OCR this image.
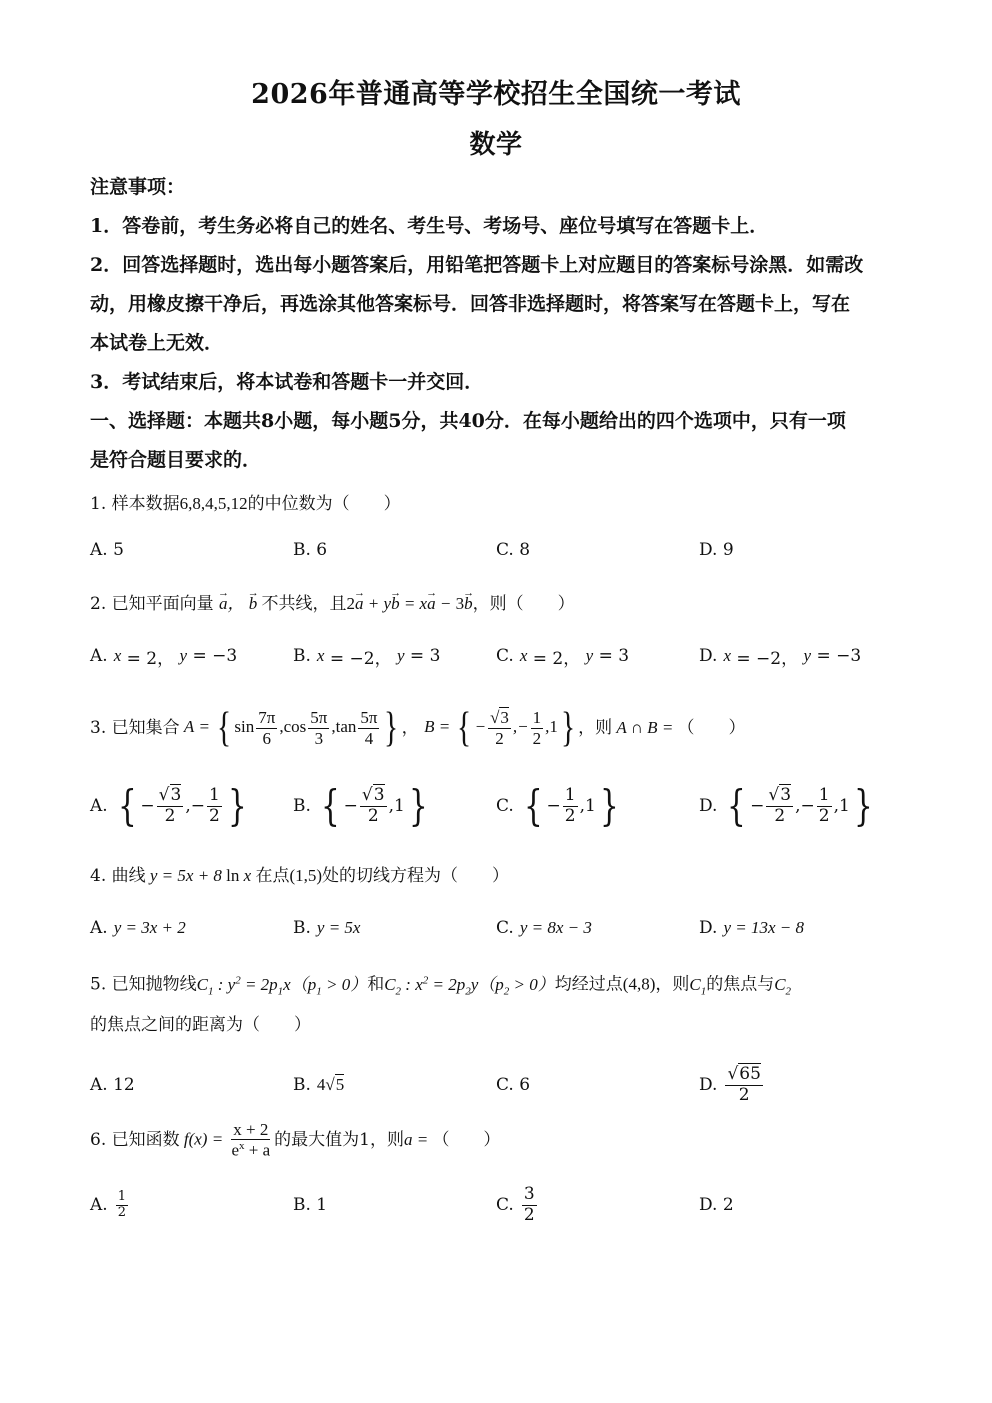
2026年普通高等学校招生全国统一考试
数学

注意事项：

1．答卷前，考生务必将自己的姓名、考生号、考场号、座位号填写在答题卡上．

2．回答选择题时，选出每小题答案后，用铅笔把答题卡上对应题目的答案标号涂黑．如需改

动，用橡皮擦干净后，再选涂其他答案标号．回答非选择题时，将答案写在答题卡上，写在

本试卷上无效．

3．考试结束后，将本试卷和答题卡一并交回．

一、选择题：本题共8小题，每小题5分，共40分．在每小题给出的四个选项中，只有一项

是符合题目要求的．

1. 样本数据6,8,4,5,12的中位数为（　　）
A. 5	B. 6	C. 8	D. 9
2. 已知平面向量 → a， → b 不共线，且2→ a + y→ b = x→ a − 3→ b，则（　　）
A. x = 2， y = −3	B. x = −2， y = 3	C. x = 2， y = 3	D. x = −2， y = −3
3. 已知集合 A = { $\sin \frac{7\pi}{6} ,\cos \frac{5\pi}{3} ,\tan \frac{5\pi}{4}$ } ， B = { − $\frac{√3}{2}$ ,− $\frac{1}{2} ,1$} ，则 A ∩ B = （　　）
A. { − $\frac{√3}{2}$ ,− $\frac{1}{2}$ }	B. { − $\frac{√3}{2} ,1$ }	C. { − $\frac{1}{2} ,1$ }	D. { − $\frac{√3}{2}$ ,− $\frac{1}{2} ,1$ }
4. 曲线 y = 5x + 8 ln x 在点(1,5)处的切线方程为（　　）
A. y = 3x + 2	B. y = 5x	C. y = 8x − 3	D. y = 13x − 8
5. 已知抛物线$C_1$ : $y^2 = 2p_1x(p_1 > 0)$和$C_2$ : $x^2 = 2p_2y(p_2 > 0)$均经过点(4,8)，则$C_1$的焦点与$C_2$
的焦点之间的距离为（　　）
A. 12	B. 4√5	C. 6	D. $\frac{√65}{2}$
6. 已知函数 $f(x) = \frac{x + 2}{e^x + a}$ 的最大值为1，则 a = （　　）
A. $\frac{1}{2}$	B. 1	C. $\frac{3}{2}$	D. 2
